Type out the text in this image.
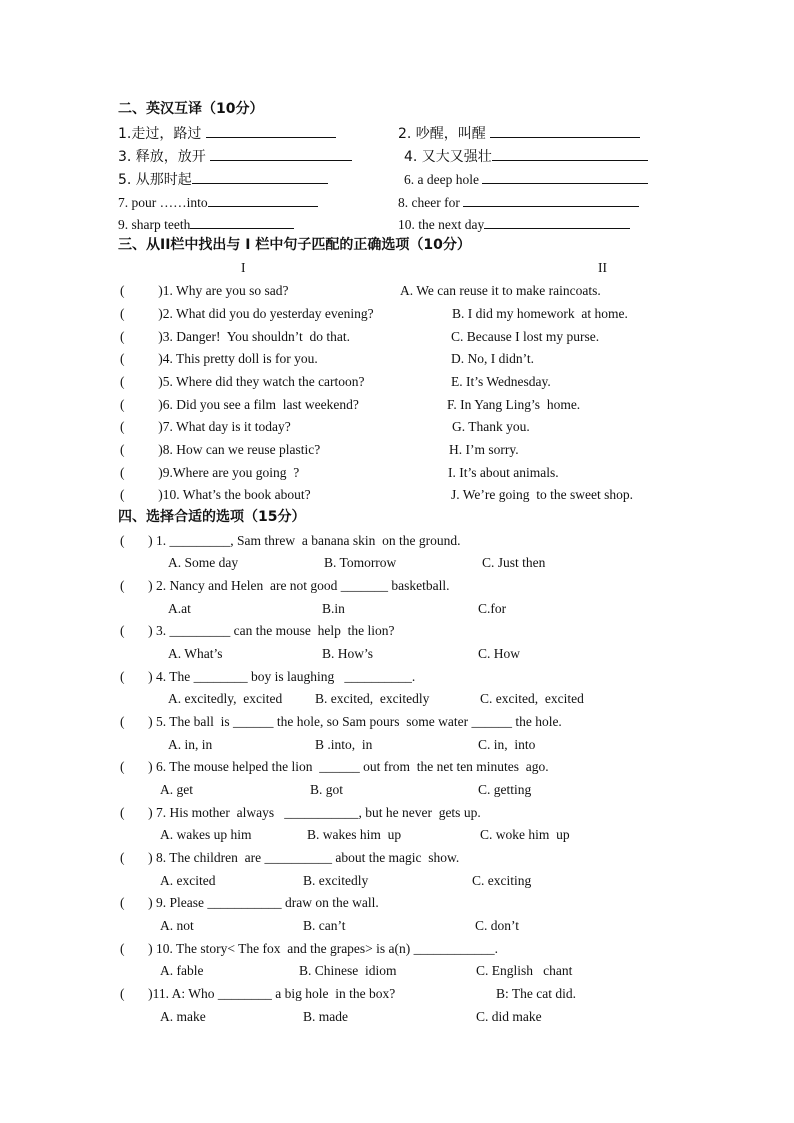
二、英汉互译（10分）
1.走过，路过	2. 吵醒，叫醒
3. 释放，放开	4. 又大又强壮
5. 从那时起	6. a deep hole
7. pour ……into	8. cheer for
9. sharp teeth	10. the next day
三、从II栏中找出与 I 栏中句子匹配的正确选项（10分）
I	II
(          )1. Why are you so sad?	A. We can reuse it to make raincoats.
(          )2. What did you do yesterday evening?	B. I did my homework  at home.
(          )3. Danger!  You shouldn’t  do that.	C. Because I lost my purse.
(          )4. This pretty doll is for you.	D. No, I didn’t.
(          )5. Where did they watch the cartoon?	E. It’s Wednesday.
(          )6. Did you see a film  last weekend?	F. In Yang Ling’s  home.
(          )7. What day is it today?	G. Thank you.
(          )8. How can we reuse plastic?	H. I’m sorry.
(          )9.Where are you going  ?	I. It’s about animals.
(          )10. What’s the book about?	J. We’re going  to the sweet shop.
四、选择合适的选项（15分）
(       ) 1. _________, Sam threw  a banana skin  on the ground.
A. Some day	B. Tomorrow	C. Just then
(       ) 2. Nancy and Helen  are not good _______ basketball.
A.at	B.in	C.for
(       ) 3. _________ can the mouse  help  the lion?
A. What’s	B. How’s	C. How
(       ) 4. The ________ boy is laughing   __________.
A. excitedly,  excited B. excited,  excitedly	C. excited,  excited
(       ) 5. The ball  is ______ the hole, so Sam pours  some water ______ the hole.
A. in, in	B .into,  in	C. in,  into
(       ) 6. The mouse helped the lion  ______ out from  the net ten minutes  ago.
A. get	B. got	C. getting
(       ) 7. His mother  always   ___________, but he never  gets up.
A. wakes up him	B. wakes him  up	C. woke him  up
(       ) 8. The children  are __________ about the magic  show.
A. excited	B. excitedly	C. exciting
(       ) 9. Please ___________ draw on the wall.
A. not	B. can’t	C. don’t
(       ) 10. The story< The fox  and the grapes> is a(n) ____________.
A. fable	B. Chinese  idiom	C. English   chant
(       )11. A: Who ________ a big hole  in the box?	B: The cat did.
A. make	B. made	C. did make
